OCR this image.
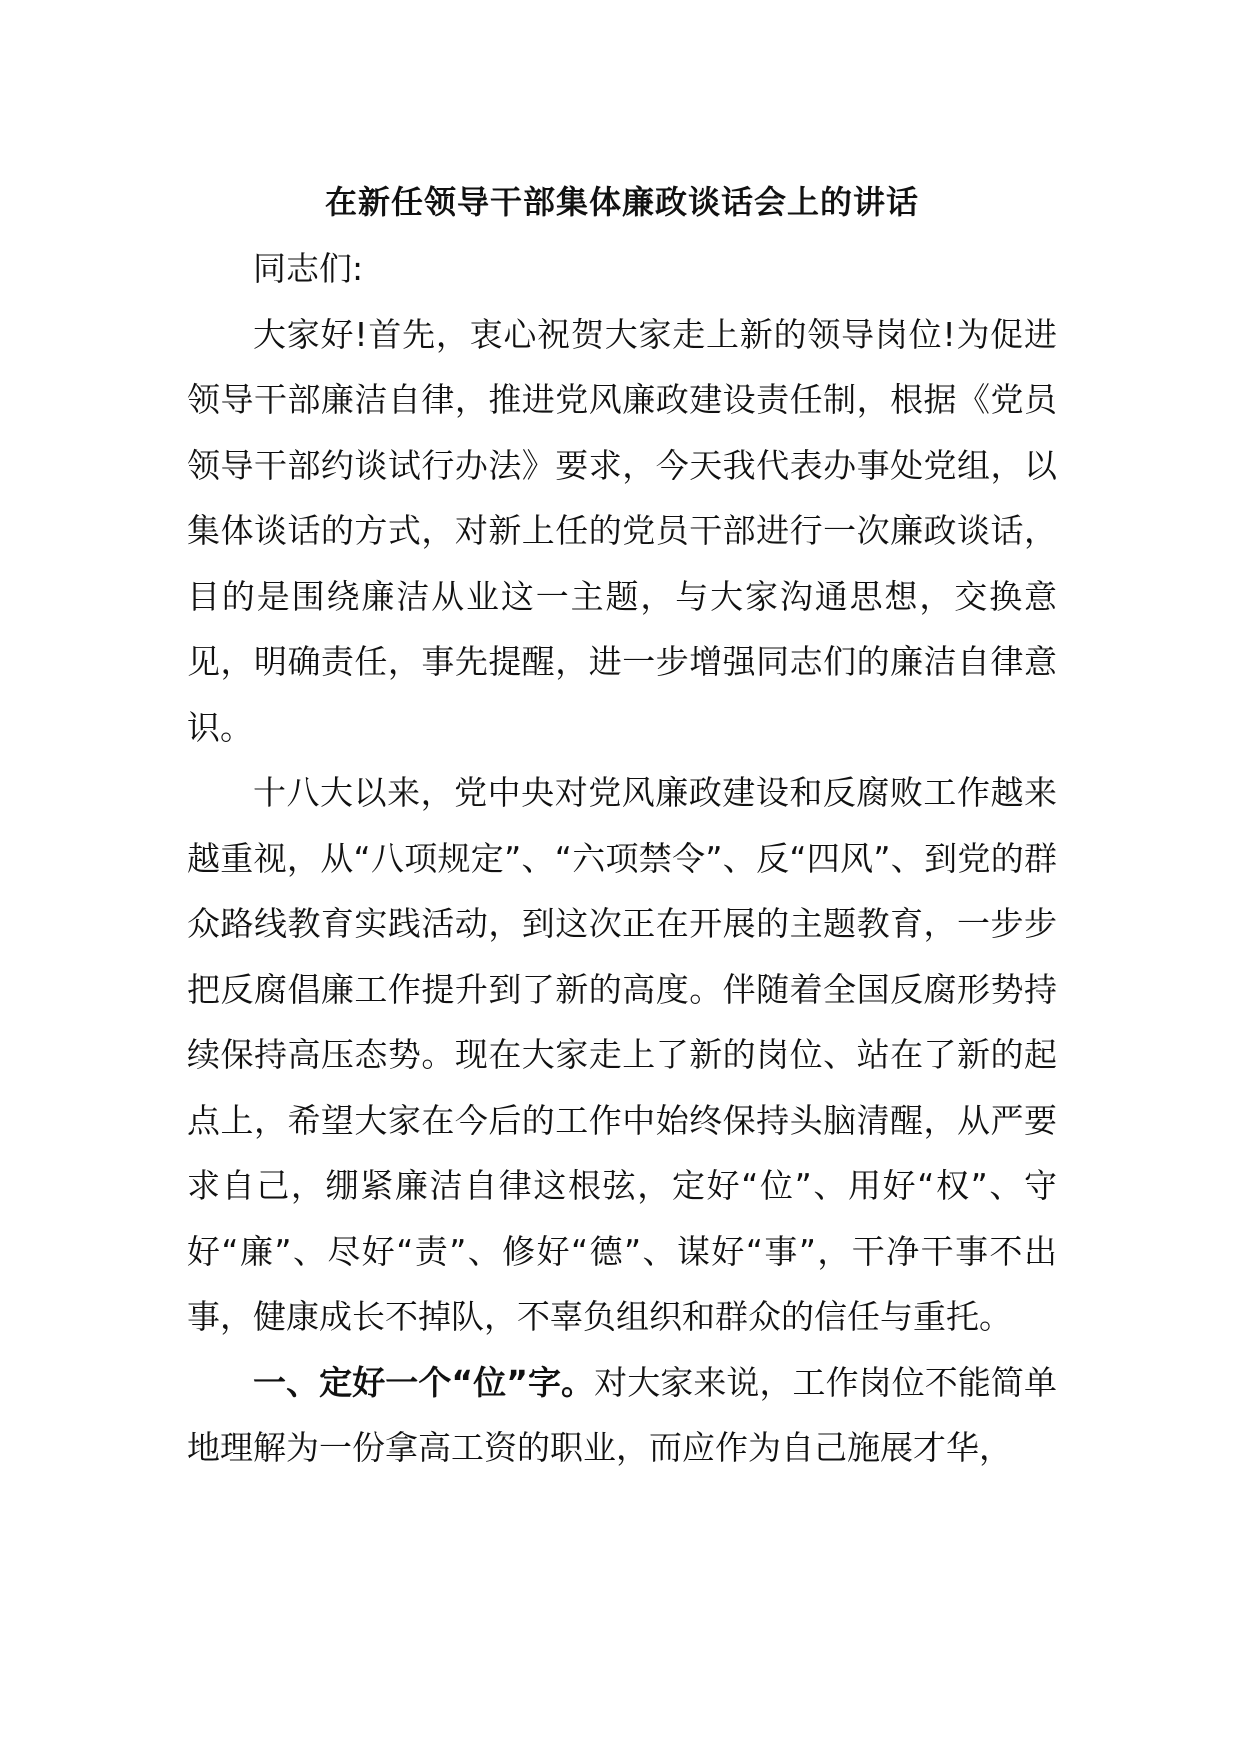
在新任领导干部集体廉政谈话会上的讲话

同志们:

大家好!首先，衷心祝贺大家走上新的领导岗位!为促进领导干部廉洁自律，推进党风廉政建设责任制，根据《党员领导干部约谈试行办法》要求，今天我代表办事处党组，以集体谈话的方式，对新上任的党员干部进行一次廉政谈话，目的是围绕廉洁从业这一主题，与大家沟通思想，交换意见，明确责任，事先提醒，进一步增强同志们的廉洁自律意识。

十八大以来，党中央对党风廉政建设和反腐败工作越来越重视，从“八项规定”、“六项禁令”、反“四风”、到党的群众路线教育实践活动，到这次正在开展的主题教育，一步步把反腐倡廉工作提升到了新的高度。伴随着全国反腐形势持续保持高压态势。现在大家走上了新的岗位、站在了新的起点上，希望大家在今后的工作中始终保持头脑清醒，从严要求自己，绷紧廉洁自律这根弦，定好“位”、用好“权”、守好“廉”、尽好“责”、修好“德”、谋好“事”，干净干事不出事，健康成长不掉队，不辜负组织和群众的信任与重托。

一、定好一个“位”字。对大家来说，工作岗位不能简单地理解为一份拿高工资的职业，而应作为自己施展才华，
